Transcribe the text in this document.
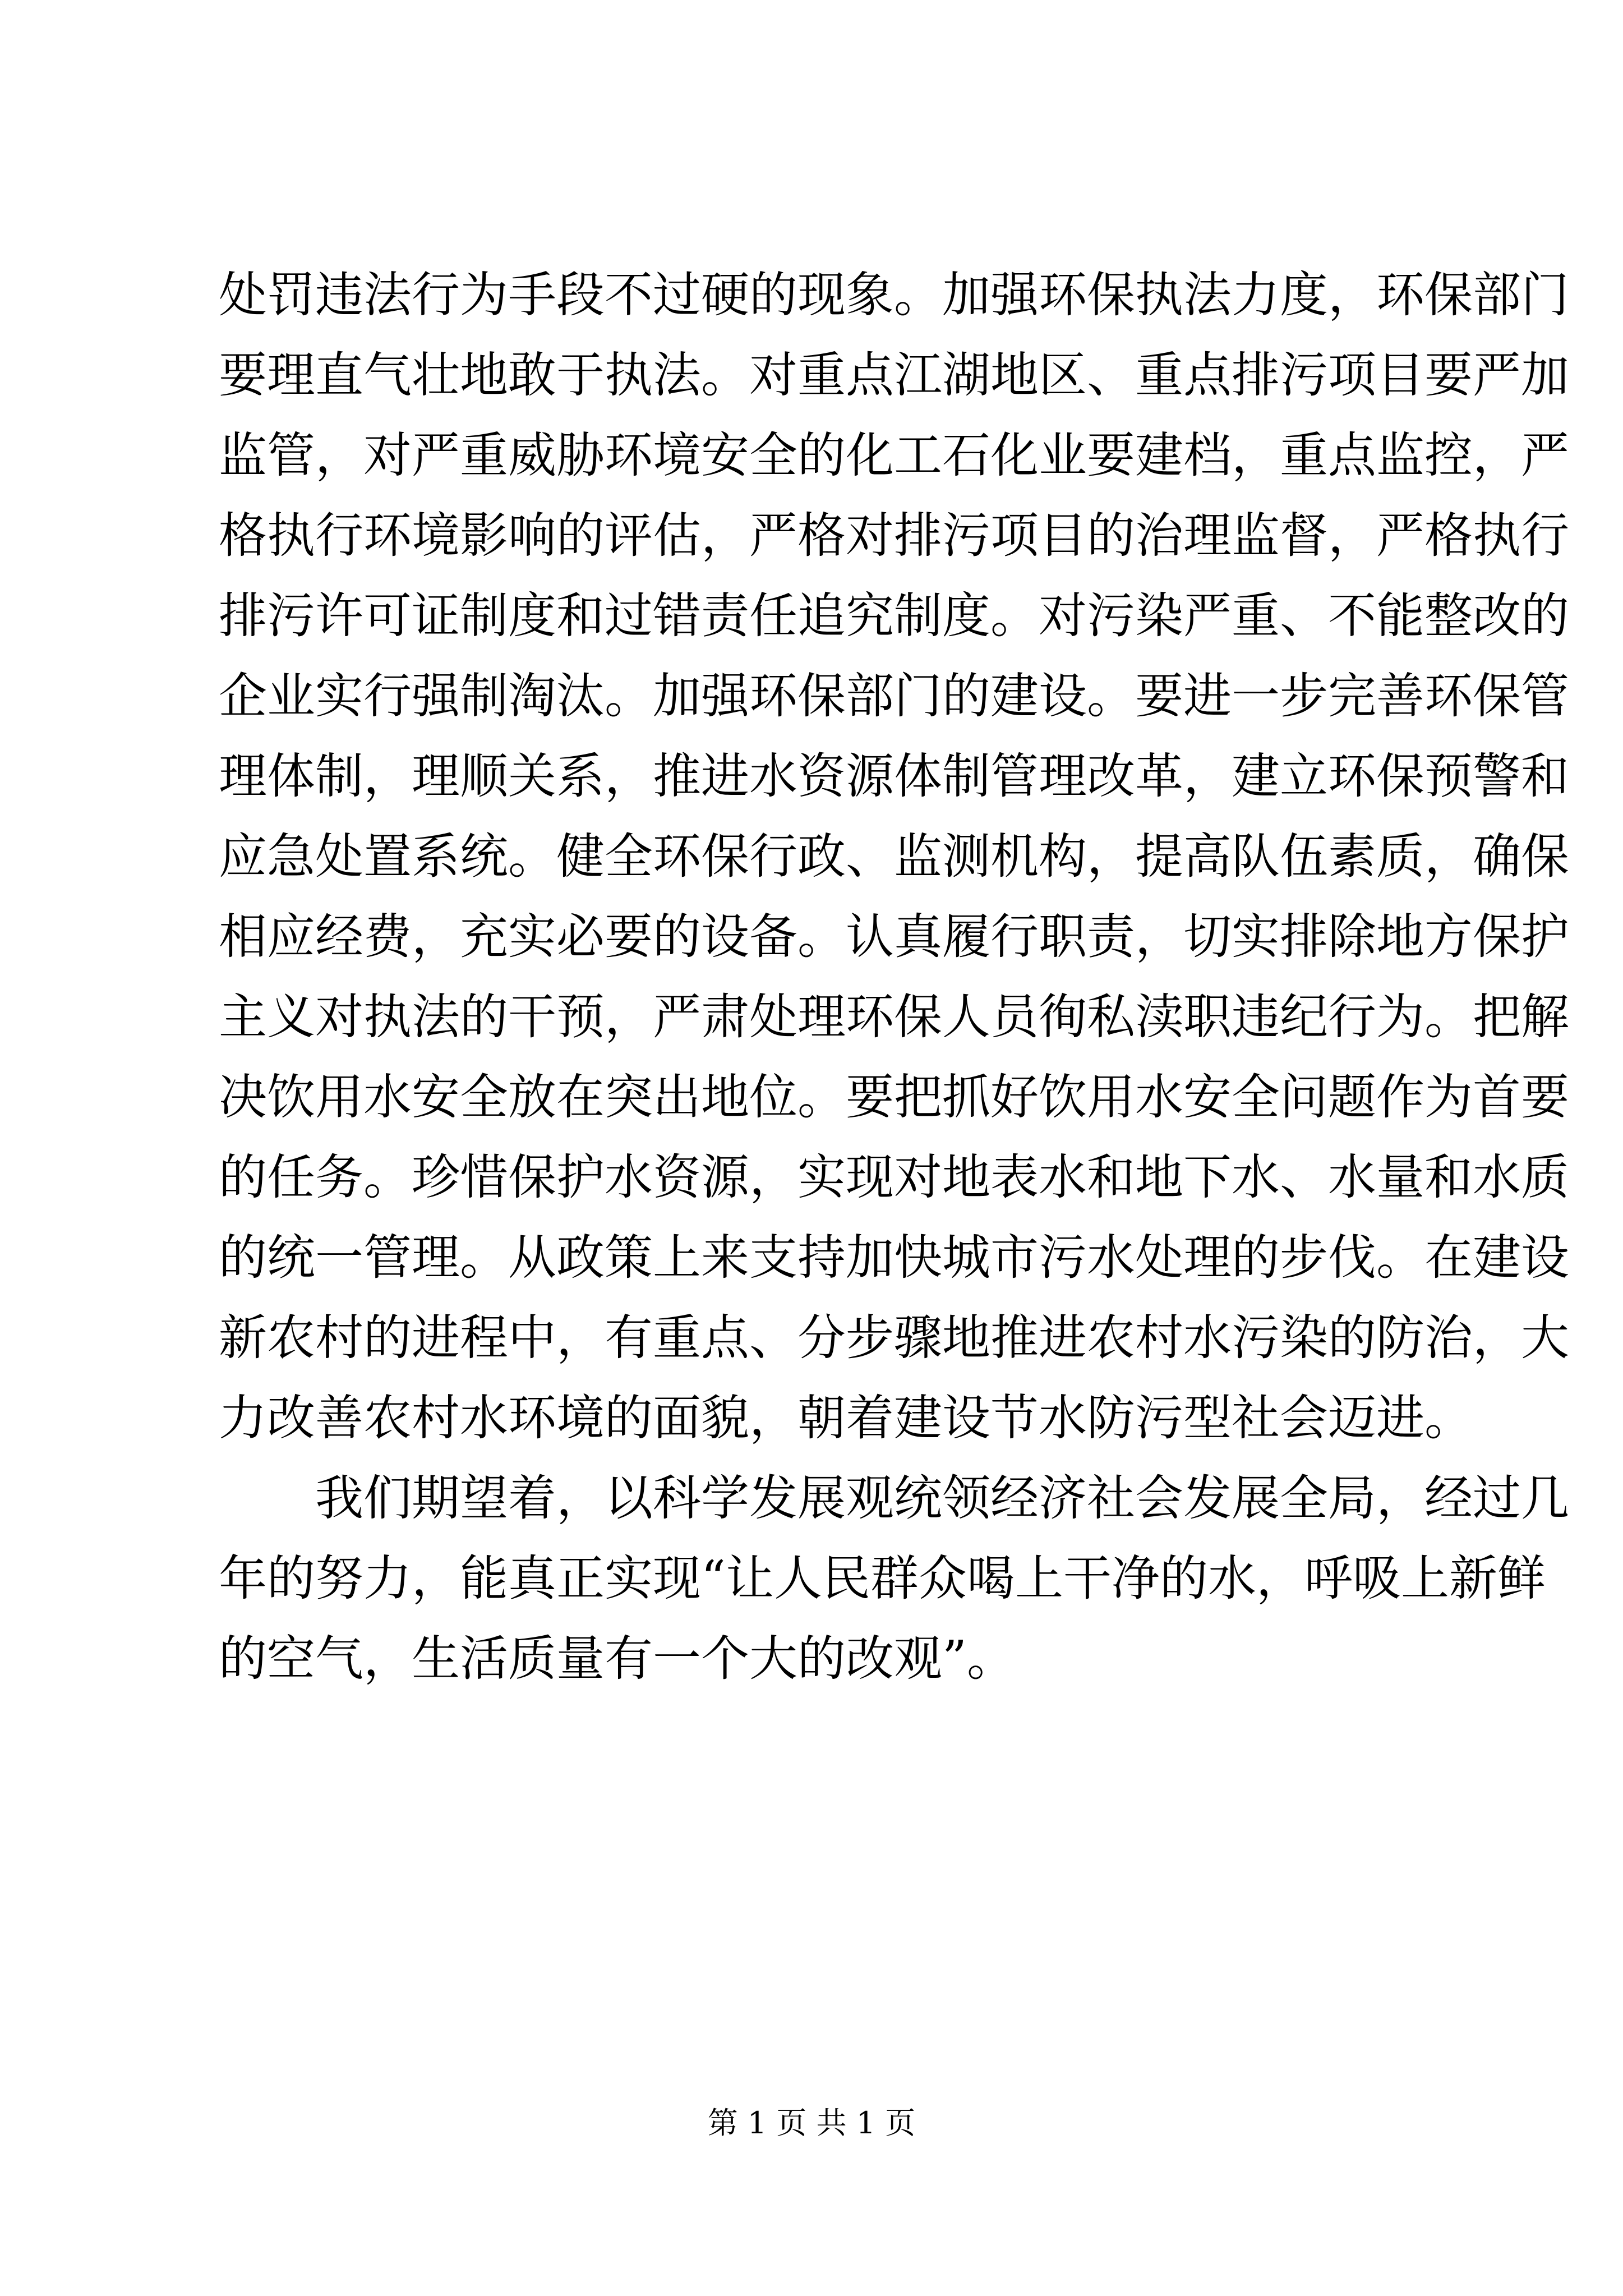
处罚违法行为手段不过硬的现象。加强环保执法力度，环保部门
要理直气壮地敢于执法。对重点江湖地区、重点排污项目要严加
监管，对严重威胁环境安全的化工石化业要建档，重点监控，严
格执行环境影响的评估，严格对排污项目的治理监督，严格执行
排污许可证制度和过错责任追究制度。对污染严重、不能整改的
企业实行强制淘汰。加强环保部门的建设。要进一步完善环保管
理体制，理顺关系，推进水资源体制管理改革，建立环保预警和
应急处置系统。健全环保行政、监测机构，提高队伍素质，确保
相应经费，充实必要的设备。认真履行职责，切实排除地方保护
主义对执法的干预，严肃处理环保人员徇私渎职违纪行为。把解
决饮用水安全放在突出地位。要把抓好饮用水安全问题作为首要
的任务。珍惜保护水资源，实现对地表水和地下水、水量和水质
的统一管理。从政策上来支持加快城市污水处理的步伐。在建设
新农村的进程中，有重点、分步骤地推进农村水污染的防治，大
力改善农村水环境的面貌，朝着建设节水防污型社会迈进。
我们期望着，以科学发展观统领经济社会发展全局，经过几
年的努力，能真正实现“让人民群众喝上干净的水，呼吸上新鲜
的空气，生活质量有一个大的改观”。
第 1 页 共 1 页
